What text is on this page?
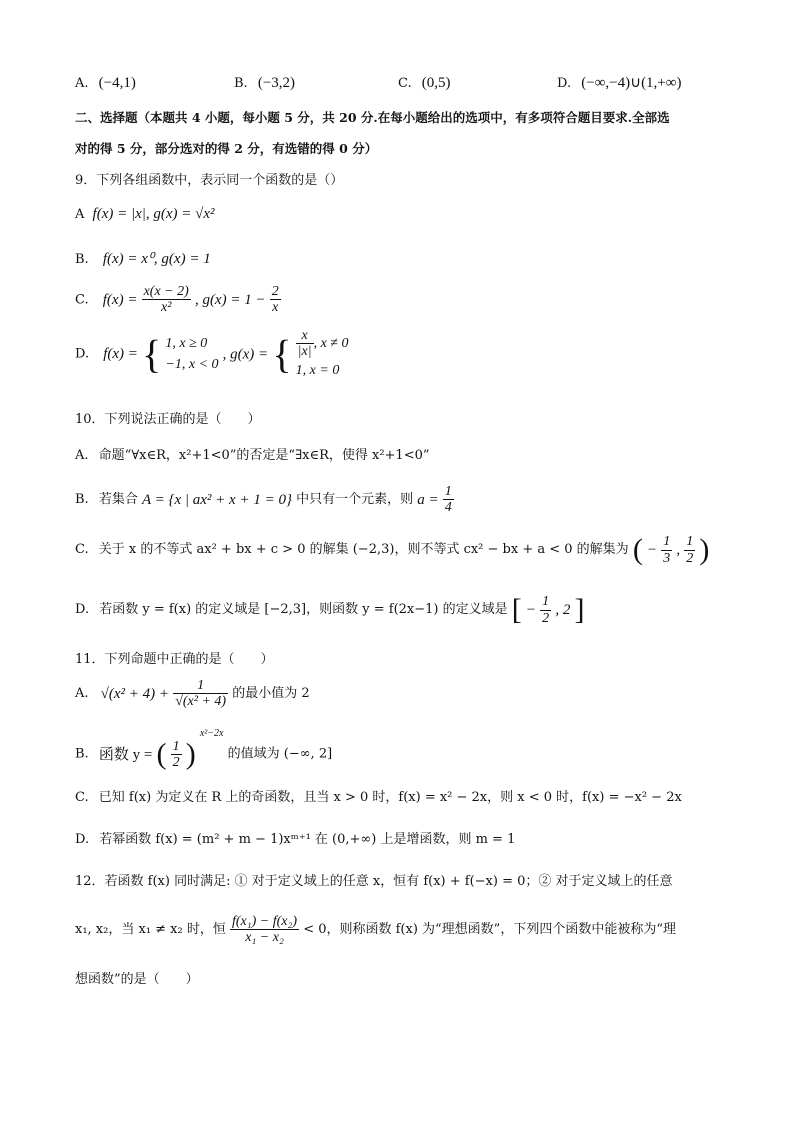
A. (−4,1)	B. (−3,2)	C. (0,5)	D. (−∞,−4)∪(1,+∞)
二、选择题（本题共 4 小题，每小题 5 分，共 20 分.在每小题给出的选项中，有多项符合题目要求.全部选
对的得 5 分，部分选对的得 2 分，有选错的得 0 分）
9．下列各组函数中，表示同一个函数的是（）
A f(x) = |x|, g(x) = √x²
B. f(x) = x⁰, g(x) = 1
C. $f(x) = \frac{x(x - 2)}{\text{x²}}$ , $g(x) = 1 - \frac{2}{x}$
D. f(x) = { 1, x ≥ 0
−1, x < 0
, g(x) = { $\frac{x}{|x|}$ , x ≠ 0
1, x = 0
10．下列说法正确的是（　　）
A. 命题“∀x∈R，x²+1<0”的否定是“∃x∈R，使得 x²+1<0”
B. 若集合 A = {x | ax² + x + 1 = 0} 中只有一个元素，则 $a = \frac{1}{4}$
C. 关于 x 的不等式 ax² + bx + c > 0 的解集 (−2,3)，则不等式 cx² − bx + a < 0 的解集为 ( − $\frac{1}{3}$ , $\frac{1}{2}$ )
D. 若函数 y = f(x) 的定义域是 [−2,3]，则函数 y = f(2x−1) 的定义域是 [ − $\frac{1}{2}$ , 2 ]
11．下列命题中正确的是（　　）
A. $√(x^2 + 4) + \frac{1}{\text{√(x² + 4)}}$ 的最小值为 2
B. 函数 y = ( $\frac{1}{2}$ ) $^{x^2-2x}$ 的值域为 (−∞, 2]
C. 已知 f(x) 为定义在 R 上的奇函数，且当 x > 0 时，f(x) = x² − 2x，则 x < 0 时，f(x) = −x² − 2x
D. 若幂函数 f(x) = (m² + m − 1)xᵐ⁺¹ 在 (0,+∞) 上是增函数，则 m = 1
12．若函数 f(x) 同时满足: ① 对于定义域上的任意 x，恒有 f(x) + f(−x) = 0；② 对于定义域上的任意
x₁, x₂，当 x₁ ≠ x₂ 时，恒 $\frac{\text{f(x₁) − f(x₂)}}{\text{x₁ − x₂}} < 0$，则称函数 f(x) 为“理想函数”，下列四个函数中能被称为“理
想函数”的是（　　）
